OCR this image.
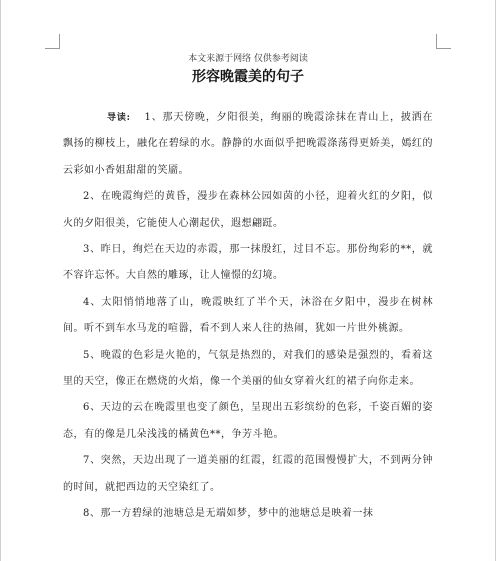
本文来源于网络 仅供参考阅读
形容晚霞美的句子

导读: 1、那天傍晚，夕阳很美，绚丽的晚霞涂抹在青山上，披洒在飘扬的柳枝上，融化在碧绿的水。静静的水面似乎把晚霞涤荡得更娇美，嫣红的云彩如小香姐甜甜的笑靥。

2、在晚霞绚烂的黄昏，漫步在森林公园如茵的小径，迎着火红的夕阳，似火的夕阳很美，它能使人心潮起伏，遐想翩跹。

3、昨日，绚烂在天边的赤霞，那一抹殷红，过目不忘。那份绚彩的**，就不容许忘怀。大自然的雕琢，让人憧憬的幻境。

4、太阳悄悄地落了山，晚霞映红了半个天，沐浴在夕阳中，漫步在树林间。听不到车水马龙的喧嚣，看不到人来人往的热闹，犹如一片世外桃源。

5、晚霞的色彩是火艳的，气氛是热烈的，对我们的感染是强烈的，看着这里的天空，像正在燃烧的火焰，像一个美丽的仙女穿着火红的裙子向你走来。

6、天边的云在晚霞里也变了颜色，呈现出五彩缤纷的色彩，千姿百媚的姿态，有的像是几朵浅浅的橘黄色**，争芳斗艳。

7、突然，天边出现了一道美丽的红霞，红霞的范围慢慢扩大，不到两分钟的时间，就把西边的天空染红了。

8、那一方碧绿的池塘总是无端如梦，梦中的池塘总是映着一抹
